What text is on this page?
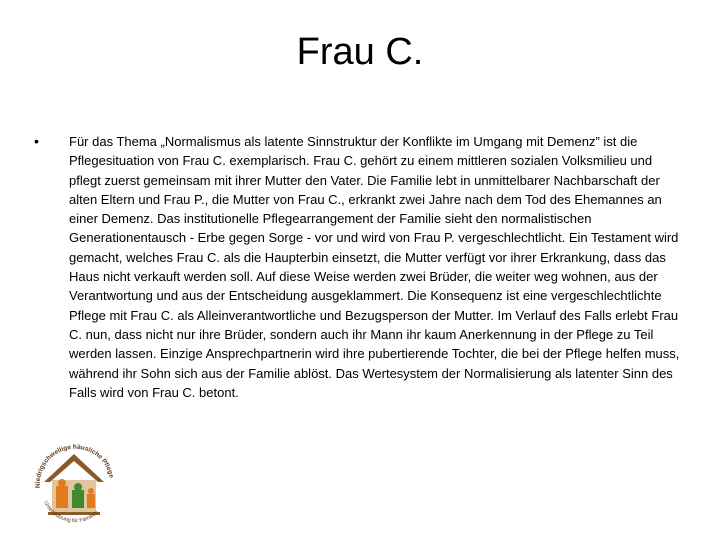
Frau C.
• Für das Thema „Normalismus als latente Sinnstruktur der Konflikte im Umgang mit Demenz” ist die Pflegesituation von Frau C. exemplarisch. Frau C. gehört zu einem mittleren sozialen Volksmilieu und pflegt zuerst gemeinsam mit ihrer Mutter den Vater. Die Familie lebt in unmittelbarer Nachbarschaft der alten Eltern und Frau P., die Mutter von Frau C., erkrankt zwei Jahre nach dem Tod des Ehemannes an einer Demenz. Das institutionelle Pflegearrangement der Familie sieht den normalistischen Generationentausch - Erbe gegen Sorge - vor und wird von Frau P. vergeschlechtlicht. Ein Testament wird gemacht, welches Frau C. als die Haupterbin einsetzt, die Mutter verfügt vor ihrer Erkrankung, dass das Haus nicht verkauft werden soll. Auf diese Weise werden zwei Brüder, die weiter weg wohnen, aus der Verantwortung und aus der Entscheidung ausgeklammert. Die Konsequenz ist eine vergeschlechtlichte Pflege mit Frau C. als Alleinverantwortliche und Bezugsperson der Mutter. Im Verlauf des Falls erlebt Frau C. nun, dass nicht nur ihre Brüder, sondern auch ihr Mann ihr kaum Anerkennung in der Pflege zu Teil werden lassen. Einzige Ansprechpartnerin wird ihre pubertierende Tochter, die bei der Pflege helfen muss, während ihr Sohn sich aus der Familie ablöst. Das Wertesystem der Normalisierung als latenter Sinn des Falls wird von Frau C. betont.

Niedrigschwellige häusliche Pflege
Unterstützung für Familien
